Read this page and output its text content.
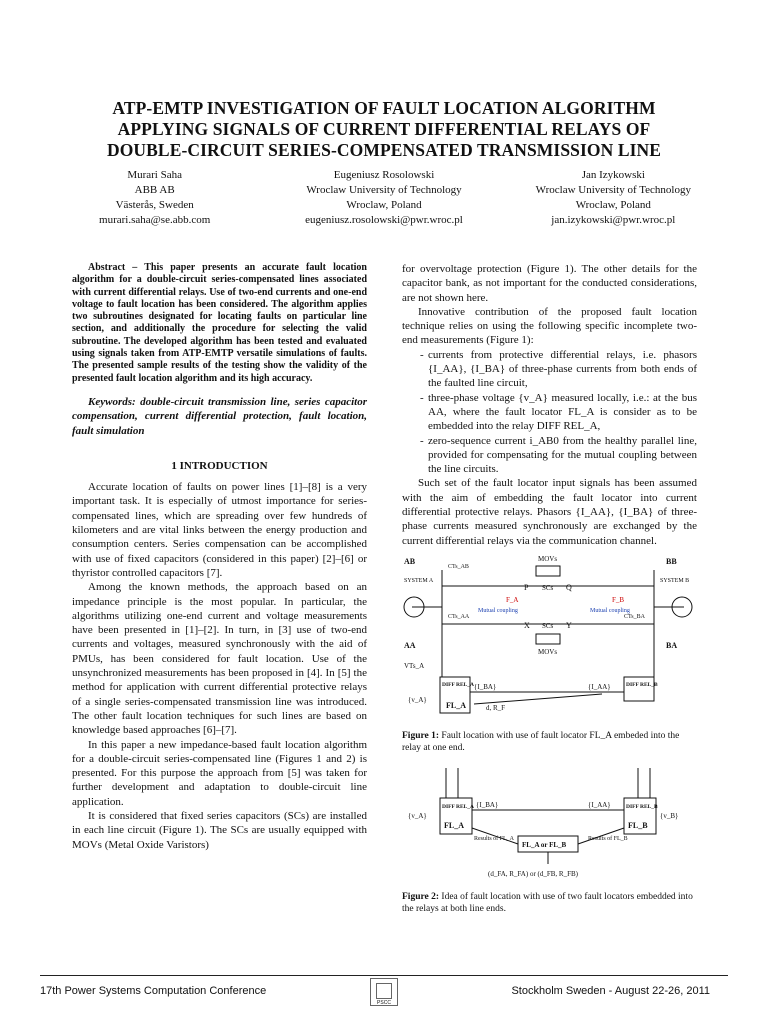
ATP-EMTP INVESTIGATION OF FAULT LOCATION ALGORITHM
APPLYING SIGNALS OF CURRENT DIFFERENTIAL RELAYS OF
DOUBLE-CIRCUIT SERIES-COMPENSATED TRANSMISSION LINE
Murari Saha
ABB AB
Västerås, Sweden
murari.saha@se.abb.com
Eugeniusz Rosolowski
Wroclaw University of Technology
Wroclaw, Poland
eugeniusz.rosolowski@pwr.wroc.pl
Jan Izykowski
Wroclaw University of Technology
Wroclaw, Poland
jan.izykowski@pwr.wroc.pl

Abstract – This paper presents an accurate fault location algorithm for a double-circuit series-compensated lines associated with current differential relays. Use of two-end currents and one-end voltage to fault location has been considered. The algorithm applies two subroutines designated for locating faults on particular line section, and additionally the procedure for selecting the valid subroutine. The developed algorithm has been tested and evaluated using signals taken from ATP-EMTP versatile simulations of faults. The presented sample results of the testing show the validity of the presented fault location algorithm and its high accuracy.

Keywords: double-circuit transmission line, series capacitor compensation, current differential protection, fault location, fault simulation

1 INTRODUCTION

Accurate location of faults on power lines [1]–[8] is a very important task. It is especially of utmost importance for series-compensated lines, which are spreading over few hundreds of kilometers and are vital links between the energy production and consumption centers. Series compensation can be accomplished with use of fixed capacitors (considered in this paper) [2]–[6] or thyristor controlled capacitors [7].

Among the known methods, the approach based on an impedance principle is the most popular. In particular, the algorithms utilizing one-end current and voltage measurements have been presented in [1]–[2]. In turn, in [3] use of two-end currents and voltages, measured synchronously with the aid of PMUs, has been considered for fault location. Use of the unsynchronized measurements has been proposed in [4]. In [5] the method for application with current differential protective relays of a single series-compensated transmission line was introduced. The other fault location techniques for such lines are based on knowledge based approaches [6]–[7].

In this paper a new impedance-based fault location algorithm for a double-circuit series-compensated line (Figures 1 and 2) is presented. For this purpose the approach from [5] was taken for further development and adaptation to double-circuit line application.

It is considered that fixed series capacitors (SCs) are installed in each line circuit (Figure 1). The SCs are usually equipped with MOVs (Metal Oxide Varistors)

for overvoltage protection (Figure 1). The other details for the capacitor bank, as not important for the conducted considerations, are not shown here.

Innovative contribution of the proposed fault location technique relies on using the following specific incomplete two-end measurements (Figure 1):

- currents from protective differential relays, i.e. phasors {I_AA}, {I_BA} of three-phase currents from both ends of the faulted line circuit,

- three-phase voltage {v_A} measured locally, i.e.: at the bus AA, where the fault locator FL_A is consider as to be embedded into the relay DIFF REL_A,

- zero-sequence current i_AB0 from the healthy parallel line, provided for compensating for the mutual coupling between the line circuits.

Such set of the fault locator input signals has been assumed with the aim of embedding the fault locator into current differential protective relays. Phasors {I_AA}, {I_BA} of three-phase currents measured synchronously are exchanged by the current differential relays via the communication channel.

AB	BB
AA	BA
SYSTEM A	SYSTEM B
MOVs
MOVs
P	Q
X	Y
SCs
SCs
Mutual coupling	Mutual coupling
F_A	F_B
VTs_A
CTs_AB
CTs_AA	CTs_BA
DIFF REL_A	DIFF REL_B
FL_A
{I_BA}	{I_AA}
d, R_F
{v_A}
Figure 1: Fault location with use of fault locator FL_A embeded into the relay at one end.
DIFF REL_A	DIFF REL_B
FL_A	FL_B
{I_BA}	{I_AA}
{v_A}	{v_B}
FL_A or FL_B
Results of FL_A	Results of FL_B
(d_FA, R_FA) or (d_FB, R_FB)
Figure 2: Idea of fault location with use of two fault locators embedded into the relays at both line ends.
17th Power Systems Computation Conference
PSCC
Stockholm Sweden - August 22-26, 2011
